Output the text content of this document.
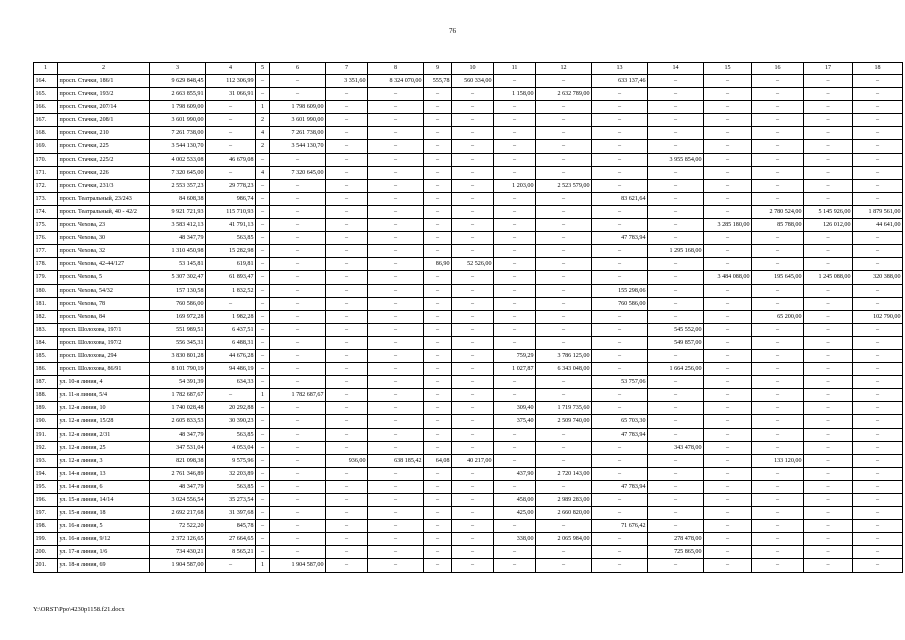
76
1	2	3	4	5	6	7	8	9	10	11	12	13	14	15	16	17	18
164.	просп. Стачки, 186/1	9 629 848,45	112 306,99	–	–	3 351,60	8 324 070,00	555,78	560 334,00	–	–	633 137,46	–	–	–	–	–
165.	просп. Стачки, 193/2	2 663 855,91	31 066,91	–	–	–	–	–	–	1 158,00	2 632 789,00	–	–	–	–	–	–
166.	просп. Стачки, 207/14	1 798 609,00	–	1	1 798 609,00	–	–	–	–	–	–	–	–	–	–	–	–
167.	просп. Стачки, 208/1	3 601 990,00	–	2	3 601 990,00	–	–	–	–	–	–	–	–	–	–	–	–
168.	просп. Стачки, 210	7 261 738,00	–	4	7 261 738,00	–	–	–	–	–	–	–	–	–	–	–	–
169.	просп. Стачки, 225	3 544 130,70	–	2	3 544 130,70	–	–	–	–	–	–	–	–	–	–	–	–
170.	просп. Стачки, 225/2	4 002 533,08	46 679,08	–	–	–	–	–	–	–	–	–	3 955 854,00	–	–	–	–
171.	просп. Стачки, 226	7 320 645,00	–	4	7 320 645,00	–	–	–	–	–	–	–	–	–	–	–	–
172.	просп. Стачки, 231/3	2 553 357,23	29 778,23	–	–	–	–	–	–	1 203,00	2 523 579,00	–	–	–	–	–	–
173.	просп. Театральный, 23/243	84 608,38	986,74	–	–	–	–	–	–	–	–	83 621,64	–	–	–	–	–
174.	просп. Театральный, 40 - 42/2	9 921 721,93	115 710,93	–	–	–	–	–	–	–	–	–	–	–	2 780 524,00	5 145 926,00	1 879 561,00
175.	просп. Чехова, 23	3 583 412,13	41 791,13	–	–	–	–	–	–	–	–	–	–	3 285 180,00	85 788,00	126 012,00	44 641,00
176.	просп. Чехова, 30	48 347,79	563,85	–	–	–	–	–	–	–	–	47 783,94	–	–	–	–	–
177.	просп. Чехова, 32	1 310 450,98	15 282,98	–	–	–	–	–	–	–	–	–	1 295 168,00	–	–	–	–
178.	просп. Чехова, 42-44/127	53 145,81	619,81	–	–	–	–	86,90	52 526,00	–	–	–	–	–	–	–	–
179.	просп. Чехова, 5	5 307 302,47	61 893,47	–	–	–	–	–	–	–	–	–	–	3 484 088,00	195 645,00	1 245 088,00	320 388,00
180.	просп. Чехова, 54/32	157 130,58	1 832,52	–	–	–	–	–	–	–	–	155 298,06	–	–	–	–	–
181.	просп. Чехова, 78	760 586,00	–	–	–	–	–	–	–	–	–	760 586,00	–	–	–	–	–
182.	просп. Чехова, 84	169 972,28	1 982,28	–	–	–	–	–	–	–	–	–	–	–	65 200,00	–	102 790,00
183.	просп. Шолохова, 197/1	551 989,51	6 437,51	–	–	–	–	–	–	–	–	–	545 552,00	–	–	–	–
184.	просп. Шолохова, 197/2	556 345,31	6 488,31	–	–	–	–	–	–	–	–	–	549 857,00	–	–	–	–
185.	просп. Шолохова, 294	3 830 801,28	44 676,28	–	–	–	–	–	–	759,29	3 786 125,00	–	–	–	–	–	–
186.	просп. Шолохова, 86/91	8 101 790,19	94 486,19	–	–	–	–	–	–	1 027,87	6 343 048,00	–	1 664 256,00	–	–	–	–
187.	ул. 10-я линия, 4	54 391,39	634,33	–	–	–	–	–	–	–	–	53 757,06	–	–	–	–	–
188.	ул. 11-я линия, 5/4	1 782 687,67	–	1	1 782 687,67	–	–	–	–	–	–	–	–	–	–	–	–
189.	ул. 12-я линия, 10	1 740 028,48	20 292,88	–	–	–	–	–	–	309,40	1 719 735,60	–	–	–	–	–	–
190.	ул. 12-я линия, 15/28	2 605 833,53	30 390,23	–	–	–	–	–	–	375,40	2 509 740,00	65 703,30	–	–	–	–	–
191.	ул. 12-я линия, 2/31	48 347,79	563,85	–	–	–	–	–	–	–	–	47 783,94	–	–	–	–	–
192.	ул. 12-я линия, 25	347 531,04	4 053,04	–	–	–	–	–	–	–	–	–	343 478,00	–	–	–	–
193.	ул. 12-я линия, 3	821 098,38	9 575,96	–	–	936,00	638 185,42	64,08	40 217,00	–	–	–	–	–	133 120,00	–	–
194.	ул. 14-я линия, 13	2 761 346,89	32 203,89	–	–	–	–	–	–	437,90	2 720 143,00	–	–	–	–	–	–
195.	ул. 14-я линия, 6	48 347,79	563,85	–	–	–	–	–	–	–	–	47 783,94	–	–	–	–	–
196.	ул. 15-я линия, 14/14	3 024 556,54	35 273,54	–	–	–	–	–	–	458,00	2 989 283,00	–	–	–	–	–	–
197.	ул. 15-я линия, 18	2 692 217,68	31 397,68	–	–	–	–	–	–	425,00	2 660 820,00	–	–	–	–	–	–
198.	ул. 16-я линия, 5	72 522,20	845,78	–	–	–	–	–	–	–	–	71 676,42	–	–	–	–	–
199.	ул. 16-я линия, 9/12	2 372 126,65	27 664,65	–	–	–	–	–	–	338,00	2 065 984,00	–	278 478,00	–	–	–	–
200.	ул. 17-я линия, 1/6	734 430,21	8 565,21	–	–	–	–	–	–	–	–	–	725 865,00	–	–	–	–
201.	ул. 18-я линия, 69	1 904 587,00	–	1	1 904 587,00	–	–	–	–	–	–	–	–	–	–	–	–
Y:\ORST\Ppo\4230p1158.f21.docx
